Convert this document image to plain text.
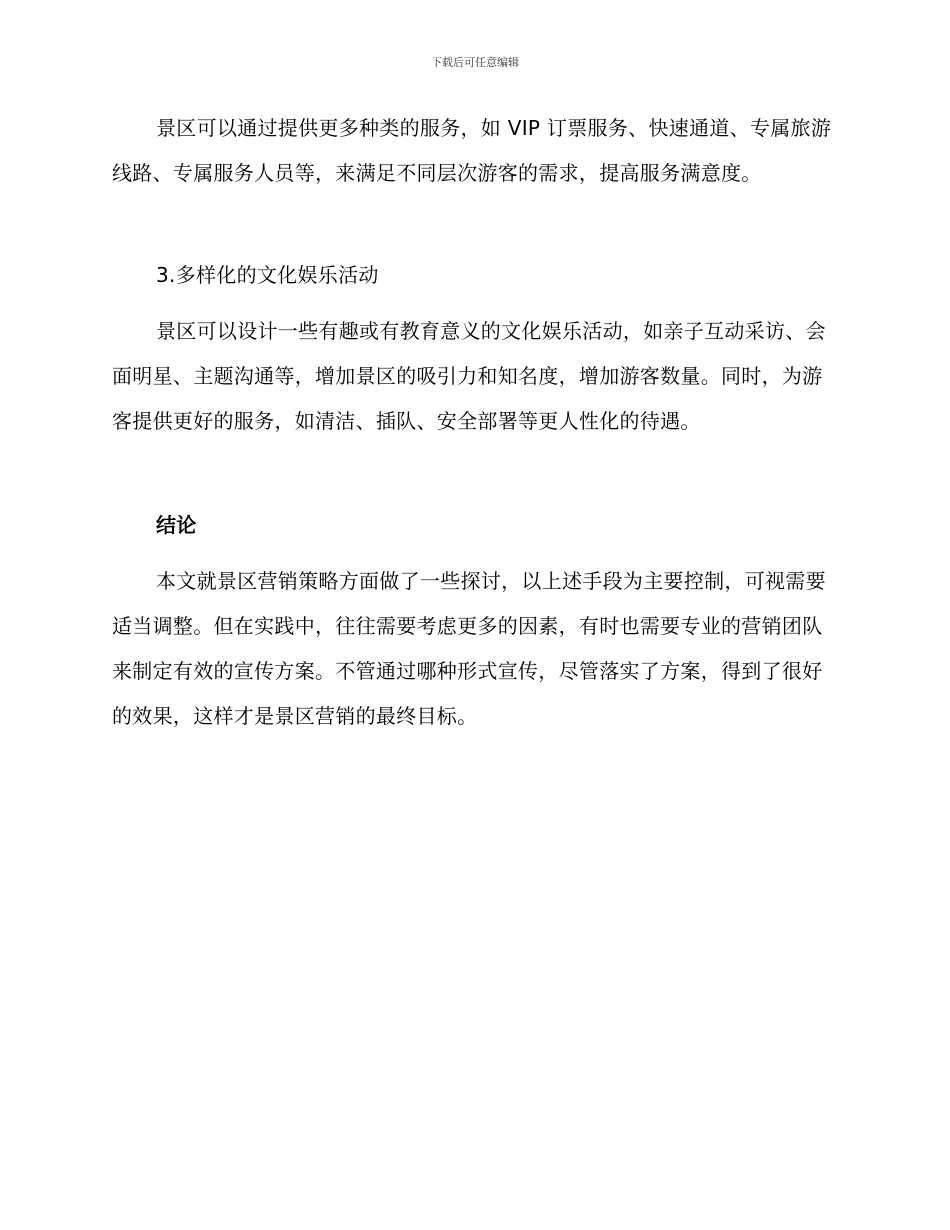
下载后可任意编辑

景区可以通过提供更多种类的服务，如 VIP 订票服务、快速通道、专属旅游线路、专属服务人员等，来满足不同层次游客的需求，提高服务满意度。

3.多样化的文化娱乐活动

景区可以设计一些有趣或有教育意义的文化娱乐活动，如亲子互动采访、会面明星、主题沟通等，增加景区的吸引力和知名度，增加游客数量。同时，为游客提供更好的服务，如清洁、插队、安全部署等更人性化的待遇。

结论

本文就景区营销策略方面做了一些探讨，以上述手段为主要控制，可视需要适当调整。但在实践中，往往需要考虑更多的因素，有时也需要专业的营销团队来制定有效的宣传方案。不管通过哪种形式宣传，尽管落实了方案，得到了很好的效果，这样才是景区营销的最终目标。
